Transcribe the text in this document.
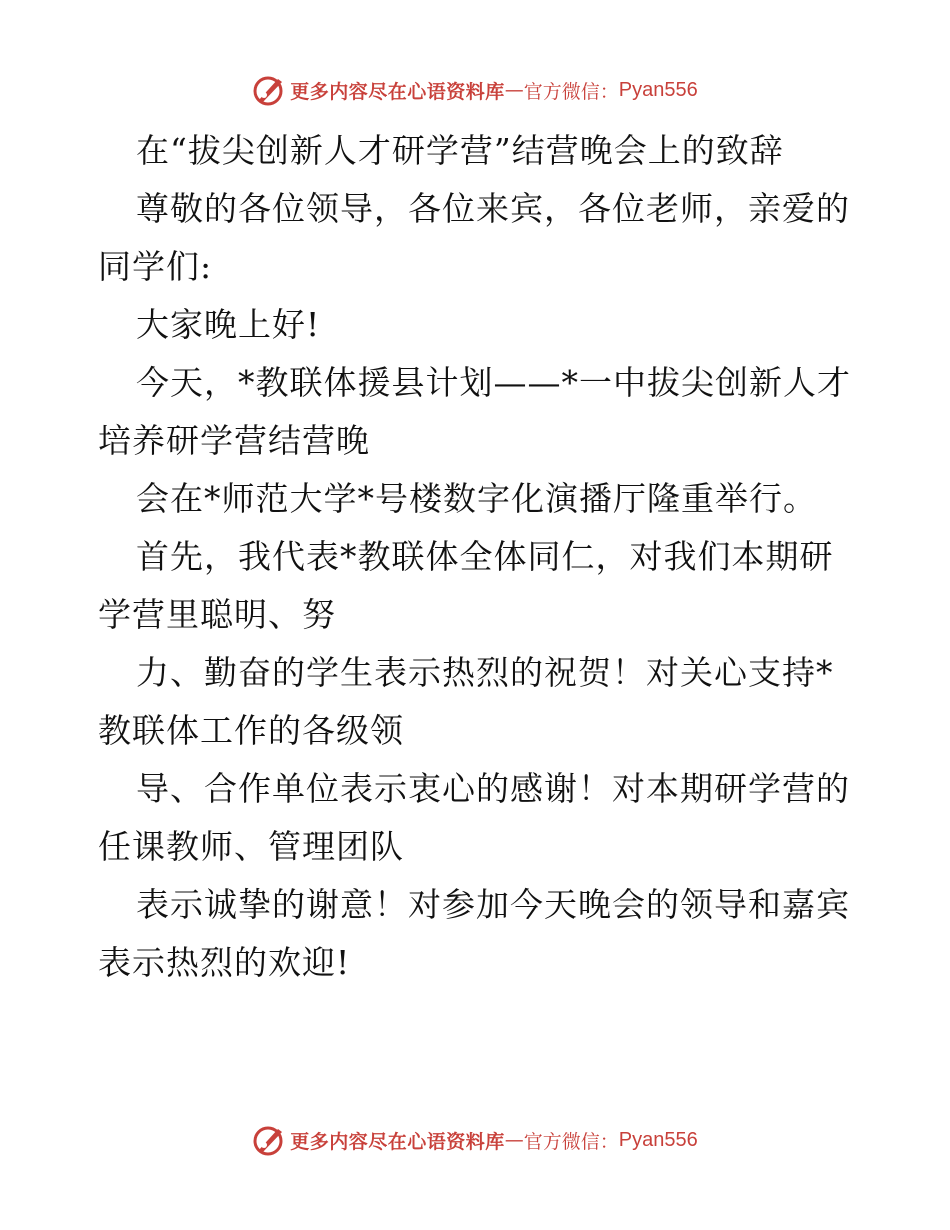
更多内容尽在心语资料库 — 官方微信： Pyan556
在“拔尖创新人才研学营”结营晚会上的致辞
尊敬的各位领导，各位来宾，各位老师，亲爱的
同学们:
大家晚上好!
今天，*教联体援县计划——*一中拔尖创新人才
培养研学营结营晚
会在*师范大学*号楼数字化演播厅隆重举行。
首先，我代表*教联体全体同仁，对我们本期研
学营里聪明、努
力、勤奋的学生表示热烈的祝贺！对关心支持*
教联体工作的各级领
导、合作单位表示衷心的感谢！对本期研学营的
任课教师、管理团队
表示诚挚的谢意！对参加今天晚会的领导和嘉宾
表示热烈的欢迎!
更多内容尽在心语资料库 — 官方微信： Pyan556
